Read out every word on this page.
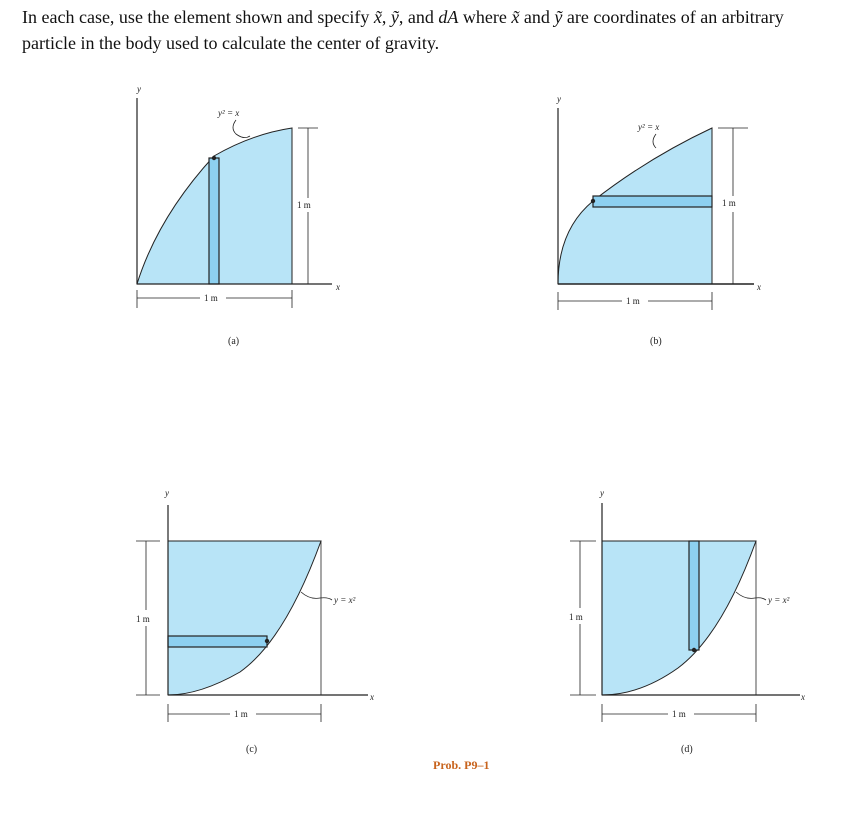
In each case, use the element shown and specify x̃, ỹ, and dA where x̃ and ỹ are coordinates of an arbitrary particle in the body used to calculate the center of gravity.
y
x
y² = x
1 m
1 m
(a)
y
x
y² = x
1 m
1 m
(b)
y
x
y = x²
1 m
1 m
(c)
y
x
y = x²
1 m
1 m
(d)
Prob. P9–1
